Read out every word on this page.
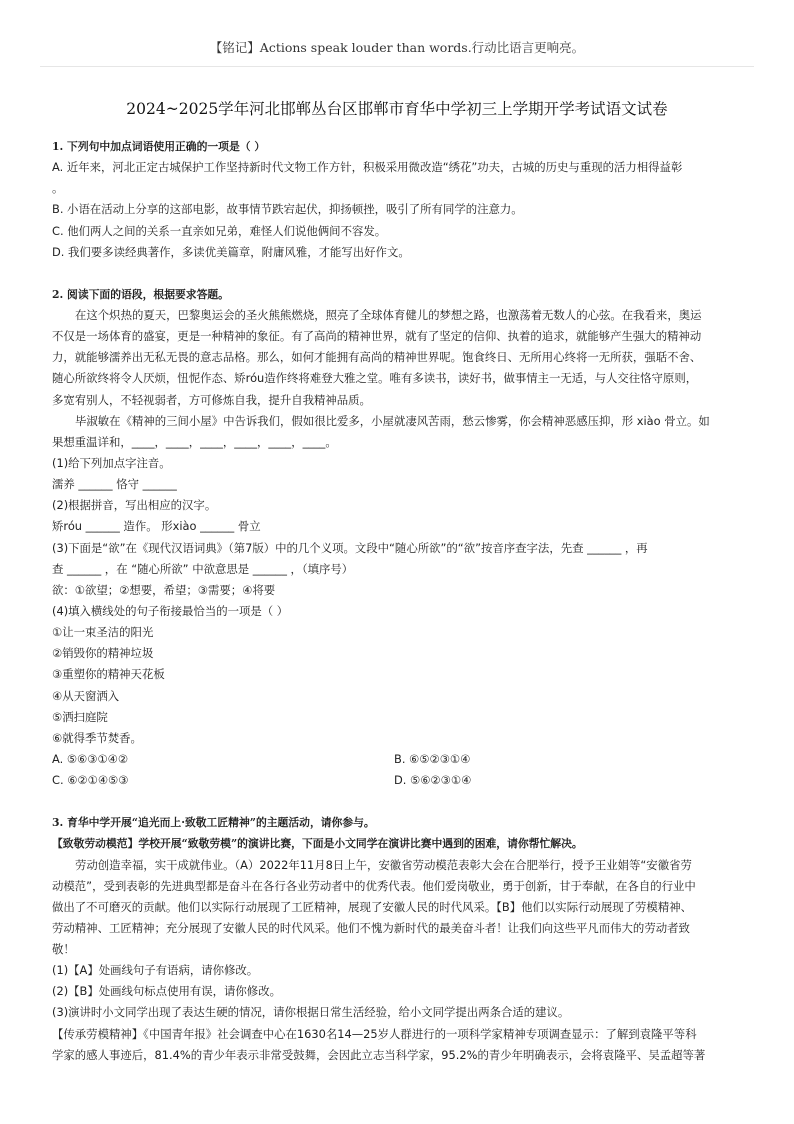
【铭记】Actions speak louder than words.行动比语言更响亮。
2024~2025学年河北邯郸丛台区邯郸市育华中学初三上学期开学考试语文试卷
1. 下列句中加点词语使用正确的一项是（ ）
A. 近年来，河北正定古城保护工作坚持新时代文物工作方针，积极采用微改造“绣花”功夫，古城的历史与重现的活力相得益彰
。
B. 小语在活动上分享的这部电影，故事情节跌宕起伏，抑扬顿挫，吸引了所有同学的注意力。
C. 他们两人之间的关系一直亲如兄弟，难怪人们说他俩间不容发。
D. 我们要多读经典著作，多读优美篇章，附庸风雅，才能写出好作文。
2. 阅读下面的语段，根据要求答题。
在这个炽热的夏天，巴黎奥运会的圣火熊熊燃烧，照亮了全球体育健儿的梦想之路，也激荡着无数人的心弦。在我看来，奥运
不仅是一场体育的盛宴，更是一种精神的象征。有了高尚的精神世界，就有了坚定的信仰、执着的追求，就能够产生强大的精神动
力，就能够濡养出无私无畏的意志品格。那么，如何才能拥有高尚的精神世界呢。饱食终日、无所用心终将一无所获，强聒不舍、
随心所欲终将令人厌烦，忸怩作态、矫róu造作终将难登大雅之堂。唯有多读书，读好书，做事情主一无适，与人交往恪守原则，
多宽宥别人，不轻视弱者，方可修炼自我，提升自我精神品质。
毕淑敏在《精神的三间小屋》中告诉我们，假如很比爱多，小屋就凄风苦雨，愁云惨雾，你会精神恶感压抑，形 xiào 骨立。如
果想重温详和，____，____，____，____，____，____。
(1)给下列加点字注音。
濡养 ______ 恪守 ______
(2)根据拼音，写出相应的汉字。
矫róu ______ 造作。 形xiào ______ 骨立
(3)下面是“欲”在《现代汉语词典》（第7版）中的几个义项。文段中“随心所欲”的“欲”按音序查字法，先查 ______ ，再
查 ______ ，在 “随心所欲” 中欲意思是 ______ ，（填序号）
欲：①欲望；②想要，希望；③需要；④将要
(4)填入横线处的句子衔接最恰当的一项是（ ）
①让一束圣洁的阳光
②销毁你的精神垃圾
③重塑你的精神天花板
④从天窗洒入
⑤洒扫庭院
⑥就得季节焚香。
A. ⑤⑥③①④②	B. ⑥⑤②③①④
C. ⑥②①④⑤③	D. ⑤⑥②③①④
3. 育华中学开展“追光而上·致敬工匠精神”的主题活动，请你参与。
【致敬劳动模范】学校开展“致敬劳模”的演讲比赛，下面是小文同学在演讲比赛中遇到的困难，请你帮忙解决。
劳动创造幸福，实干成就伟业。（A）2022年11月8日上午，安徽省劳动模范表彰大会在合肥举行，授予王业娟等“安徽省劳
动模范”，受到表彰的先进典型都是奋斗在各行各业劳动者中的优秀代表。他们爱岗敬业，勇于创新，甘于奉献，在各自的行业中
做出了不可磨灭的贡献。他们以实际行动展现了工匠精神，展现了安徽人民的时代风采。【B】他们以实际行动展现了劳模精神、
劳动精神、工匠精神；充分展现了安徽人民的时代风采。他们不愧为新时代的最美奋斗者！让我们向这些平凡而伟大的劳动者致
敬！
(1)【A】处画线句子有语病，请你修改。
(2)【B】处画线句标点使用有误，请你修改。
(3)演讲时小文同学出现了表达生硬的情况，请你根据日常生活经验，给小文同学提出两条合适的建议。
【传承劳模精神】《中国青年报》社会调查中心在1630名14—25岁人群进行的一项科学家精神专项调查显示：了解到袁隆平等科
学家的感人事迹后，81.4%的青少年表示非常受鼓舞，会因此立志当科学家，95.2%的青少年明确表示，会将袁隆平、吴孟超等著
